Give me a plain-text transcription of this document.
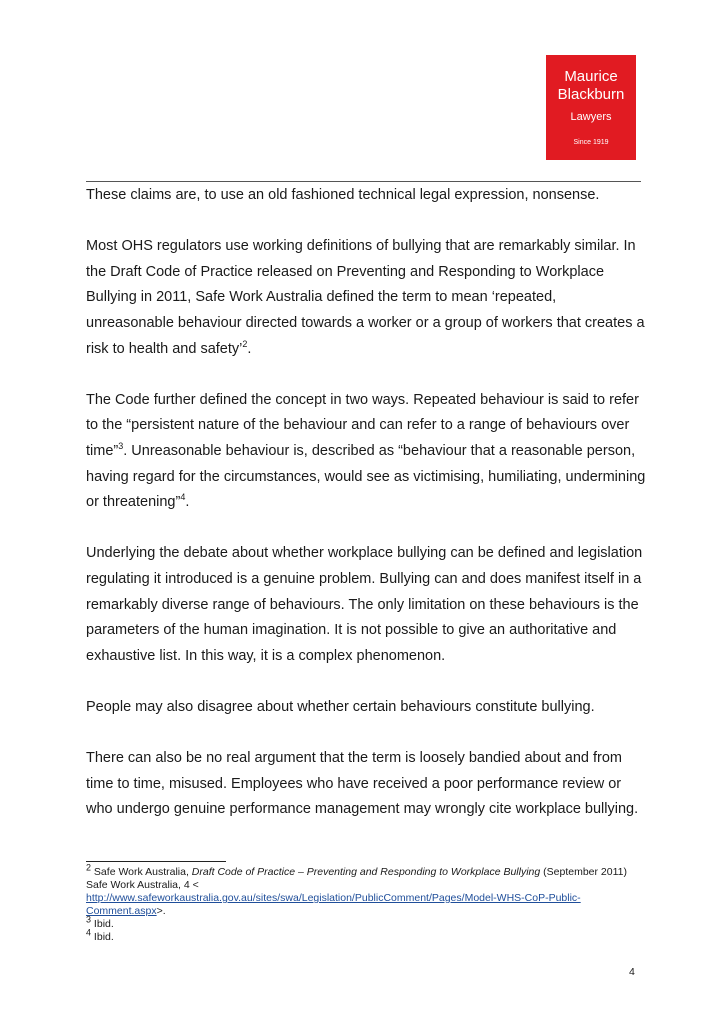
Maurice
Blackburn
Lawyers
Since 1919

These claims are, to use an old fashioned technical legal expression, nonsense.

Most OHS regulators use working definitions of bullying that are remarkably similar. In the Draft Code of Practice released on Preventing and Responding to Workplace Bullying in 2011, Safe Work Australia defined the term to mean ‘repeated, unreasonable behaviour directed towards a worker or a group of workers that creates a risk to health and safety’$^2$.

The Code further defined the concept in two ways. Repeated behaviour is said to refer to the “persistent nature of the behaviour and can refer to a range of behaviours over time”$^3$. Unreasonable behaviour is, described as “behaviour that a reasonable person, having regard for the circumstances, would see as victimising, humiliating, undermining or threatening”$^4$.

Underlying the debate about whether workplace bullying can be defined and legislation regulating it introduced is a genuine problem. Bullying can and does manifest itself in a remarkably diverse range of behaviours. The only limitation on these behaviours is the parameters of the human imagination. It is not possible to give an authoritative and exhaustive list. In this way, it is a complex phenomenon.

People may also disagree about whether certain behaviours constitute bullying.

There can also be no real argument that the term is loosely bandied about and from time to time, misused. Employees who have received a poor performance review or who undergo genuine performance management may wrongly cite workplace bullying.

$^2$ Safe Work Australia, Draft Code of Practice – Preventing and Responding to Workplace Bullying (September 2011) Safe Work Australia, 4 <
http://www.safeworkaustralia.gov.au/sites/swa/Legislation/PublicComment/Pages/Model-WHS-CoP-Public-Comment.aspx>.

$^3$ Ibid.

$^4$ Ibid.

4
